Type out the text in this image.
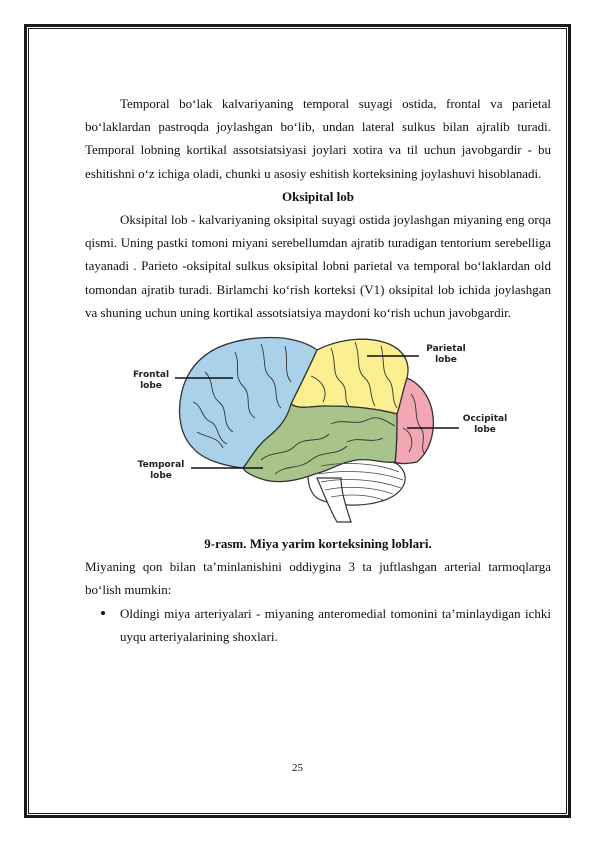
Temporal bo‘lak kalvariyaning temporal suyagi ostida, frontal va parietal bo‘laklardan pastroqda joylashgan bo‘lib, undan lateral sulkus bilan ajralib turadi. Temporal lobning kortikal assotsiatsiyasi joylari xotira va til uchun javobgardir - bu eshitishni o‘z ichiga oladi, chunki u asosiy eshitish korteksining joylashuvi hisoblanadi.

Oksipital lob

Oksipital lob - kalvariyaning oksipital suyagi ostida joylashgan miyaning eng orqa qismi. Uning pastki tomoni miyani serebellumdan ajratib turadigan tentorium serebelliga tayanadi . Parieto -oksipital sulkus oksipital lobni parietal va temporal bo‘laklardan old tomondan ajratib turadi. Birlamchi ko‘rish korteksi (V1) oksipital lob ichida joylashgan va shuning uchun uning kortikal assotsiatsiya maydoni ko‘rish uchun javobgardir.

Frontal lobe
Parietal lobe
Occipital lobe
Temporal lobe

9-rasm. Miya yarim korteksining loblari.

Miyaning qon bilan ta’minlanishini oddiygina 3 ta juftlashgan arterial tarmoqlarga bo‘lish mumkin:

Oldingi miya arteriyalari - miyaning anteromedial tomonini ta’minlaydigan ichki uyqu arteriyalarining shoxlari.
25
